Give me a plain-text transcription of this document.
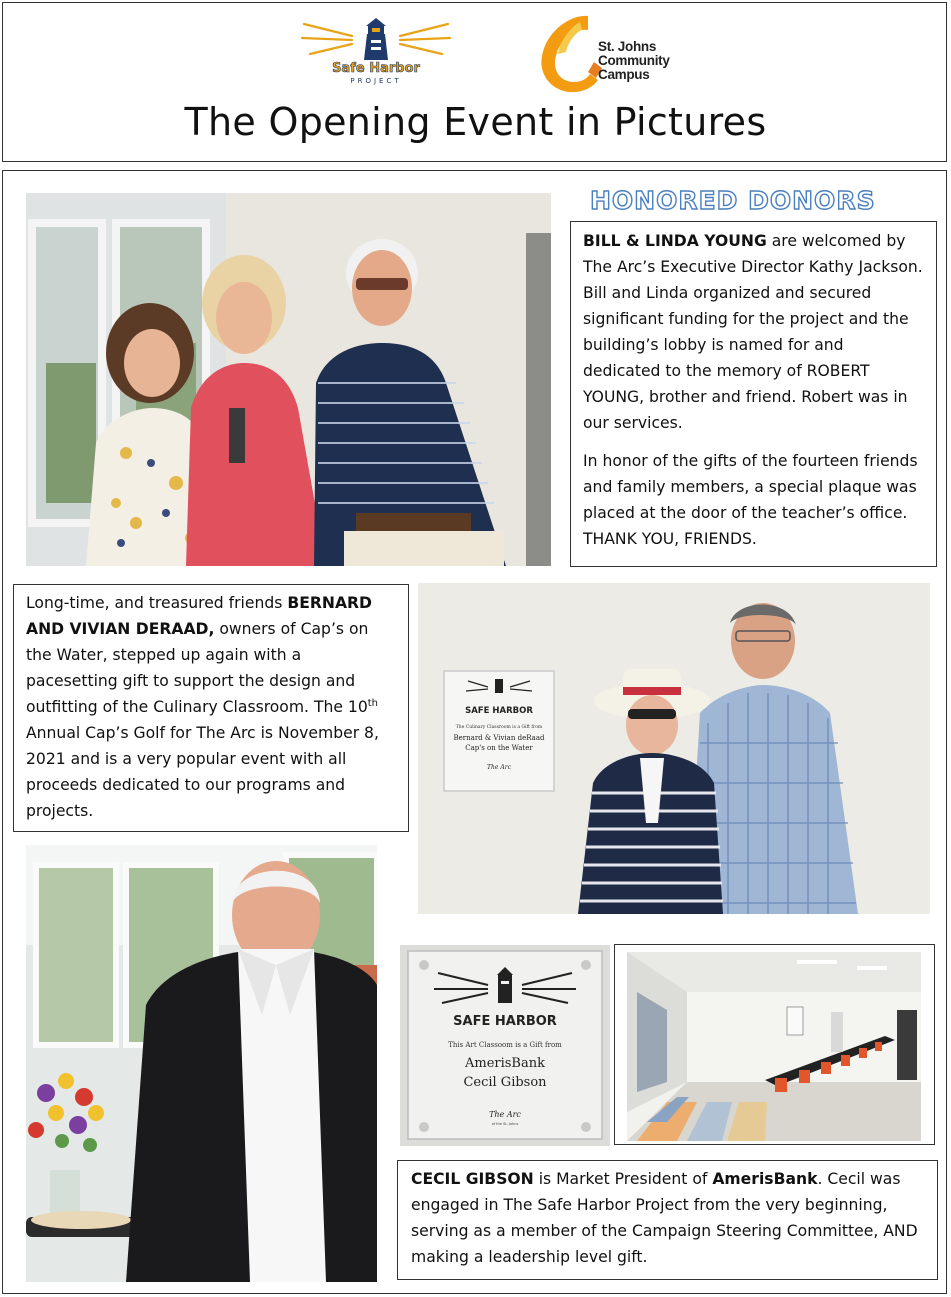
Safe Harbor
PROJECT
St. Johns
Community
Campus
The Opening Event in Pictures
HONORED DONORS

BILL & LINDA YOUNG are welcomed by The Arc’s Executive Director Kathy Jackson. Bill and Linda organized and secured significant funding for the project and the building’s lobby is named for and dedicated to the memory of ROBERT YOUNG, brother and friend. Robert was in our services.

In honor of the gifts of the fourteen friends and family members, a special plaque was placed at the door of the teacher’s office. THANK YOU, FRIENDS.

Long-time, and treasured friends BERNARD AND VIVIAN DERAAD, owners of Cap’s on the Water, stepped up again with a pacesetting gift to support the design and outfitting of the Culinary Classroom. The 10th Annual Cap’s Golf for The Arc is November 8, 2021 and is a very popular event with all proceeds dedicated to our programs and projects.

SAFE HARBOR
The Culinary Classroom is a Gift from
Bernard & Vivian deRaad
Cap's on the Water
The Arc
SAFE HARBOR
This Art Classoom is a Gift from
AmerisBank
Cecil Gibson
The Arc
of the St. Johns

CECIL GIBSON is Market President of AmerisBank. Cecil was engaged in The Safe Harbor Project from the very beginning, serving as a member of the Campaign Steering Committee, AND making a leadership level gift.
